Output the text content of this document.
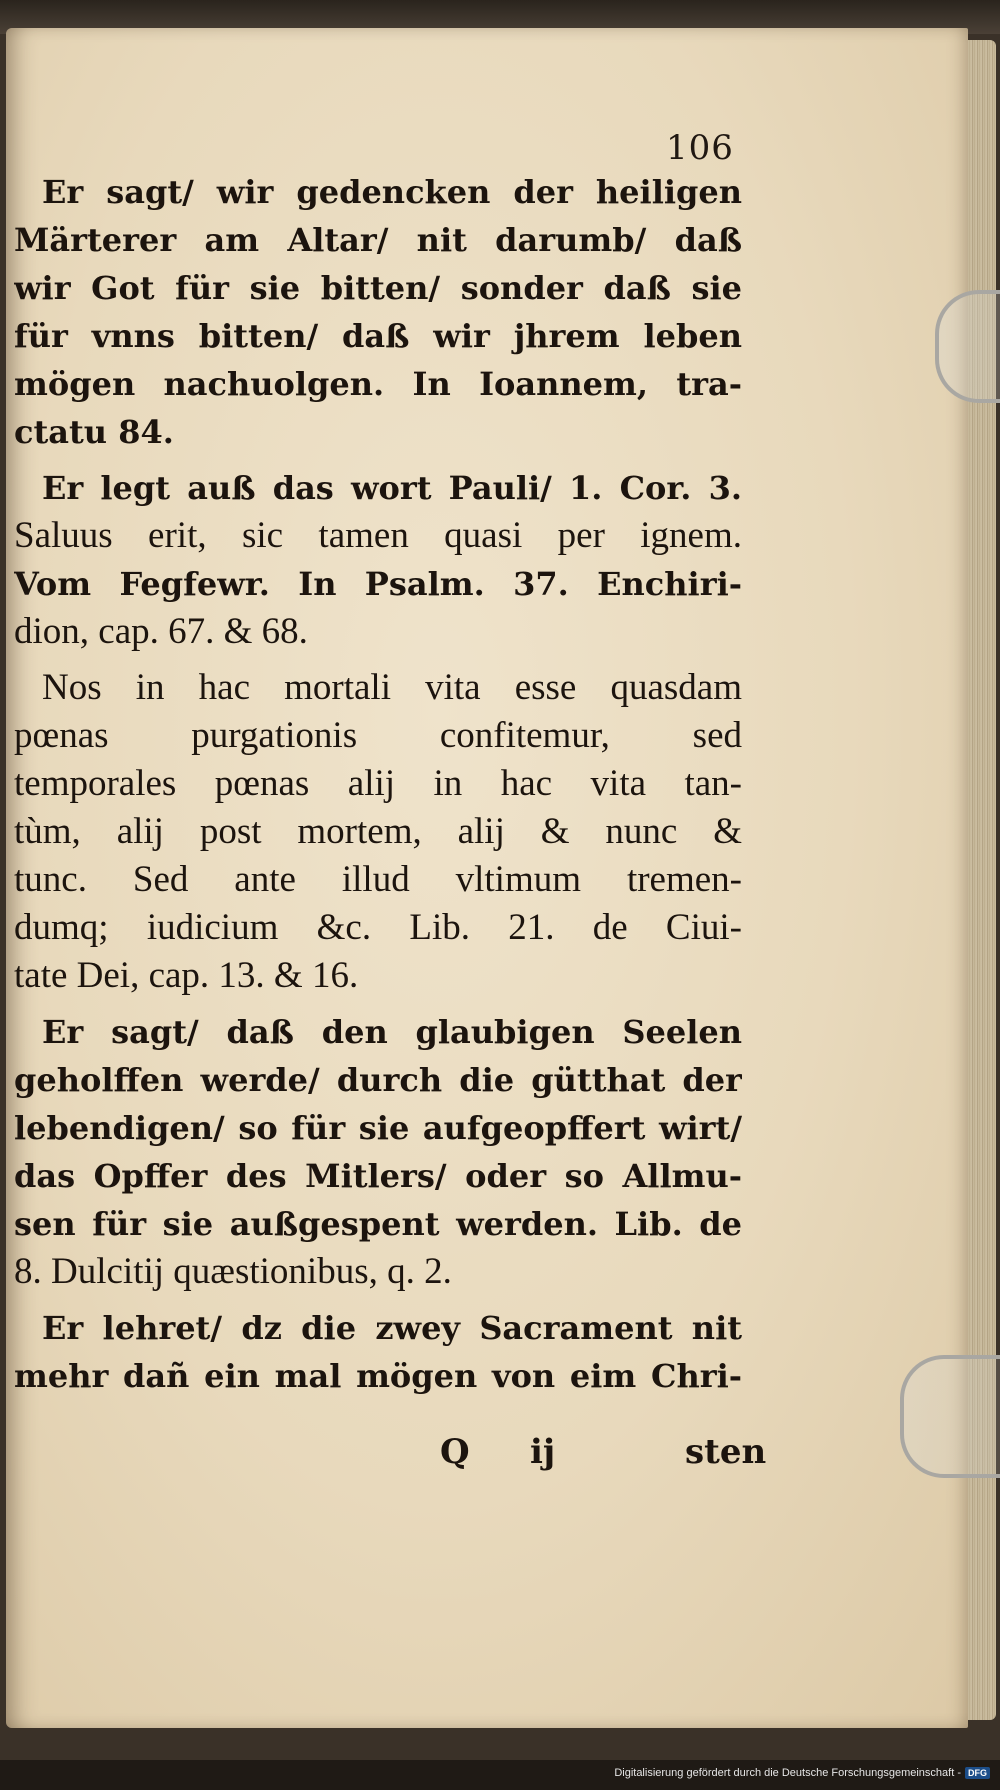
106
Er sagt/ wir gedencken der heiligen
Märterer am Altar/ nit darumb/ daß
wir Got für sie bitten/ sonder daß sie
für vnns bitten/ daß wir jhrem leben
mögen nachuolgen. In Ioannem, tra-
ctatu 84.
Er legt auß das wort Pauli/ 1. Cor. 3.
Saluus erit, sic tamen quasi per ignem.
Vom Fegfewr. In Psalm. 37. Enchiri-
dion, cap. 67. & 68.
Nos in hac mortali vita esse quasdam
pœnas purgationis confitemur, sed
temporales pœnas alij in hac vita tan-
tùm, alij post mortem, alij & nunc &
tunc. Sed ante illud vltimum tremen-
dumq; iudicium &c. Lib. 21. de Ciui-
tate Dei, cap. 13. & 16.
Er sagt/ daß den glaubigen Seelen
geholffen werde/ durch die gütthat der
lebendigen/ so für sie aufgeopffert wirt/
das Opffer des Mitlers/ oder so Allmu-
sen für sie außgespent werden. Lib. de
8. Dulcitij quæstionibus, q. 2.
Er lehret/ dz die zwey Sacrament nit
mehr dañ ein mal mögen von eim Chri-
Q ij	sten
Digitalisierung gefördert durch die Deutsche Forschungsgemeinschaft - DFG
